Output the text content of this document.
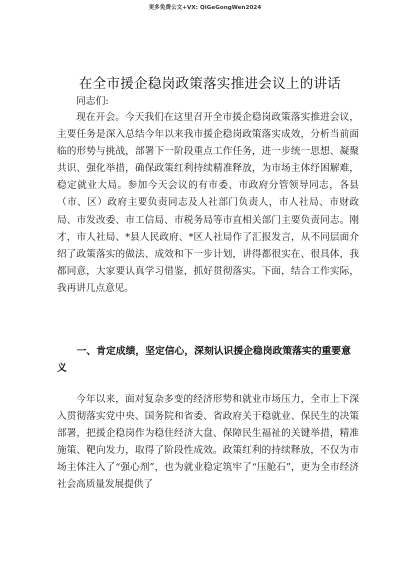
更多免费公文+VX: QiGeGongWen2024
在全市援企稳岗政策落实推进会议上的讲话
同志们:

现在开会。今天我们在这里召开全市援企稳岗政策落实推进会议，主要任务是深入总结今年以来我市援企稳岗政策落实成效，分析当前面临的形势与挑战，部署下一阶段重点工作任务，进一步统一思想、凝聚共识、强化举措，确保政策红利持续精准释放，为市场主体纾困解难，稳定就业大局。参加今天会议的有市委、市政府分管领导同志，各县（市、区）政府主要负责同志及人社部门负责人，市人社局、市财政局、市发改委、市工信局、市税务局等市直相关部门主要负责同志。刚才，市人社局、*县人民政府、*区人社局作了汇报发言，从不同层面介绍了政策落实的做法、成效和下一步计划，讲得都很实在、很具体，我都同意，大家要认真学习借鉴，抓好贯彻落实。下面，结合工作实际，我再讲几点意见。

一、肯定成绩，坚定信心，深刻认识援企稳岗政策落实的重要意义

今年以来，面对复杂多变的经济形势和就业市场压力，全市上下深入贯彻落实党中央、国务院和省委、省政府关于稳就业、保民生的决策部署，把援企稳岗作为稳住经济大盘、保障民生福祉的关键举措，精准施策、靶向发力，取得了阶段性成效。政策红利的持续释放，不仅为市场主体注入了“强心剂”，也为就业稳定筑牢了“压舱石”，更为全市经济社会高质量发展提供了
